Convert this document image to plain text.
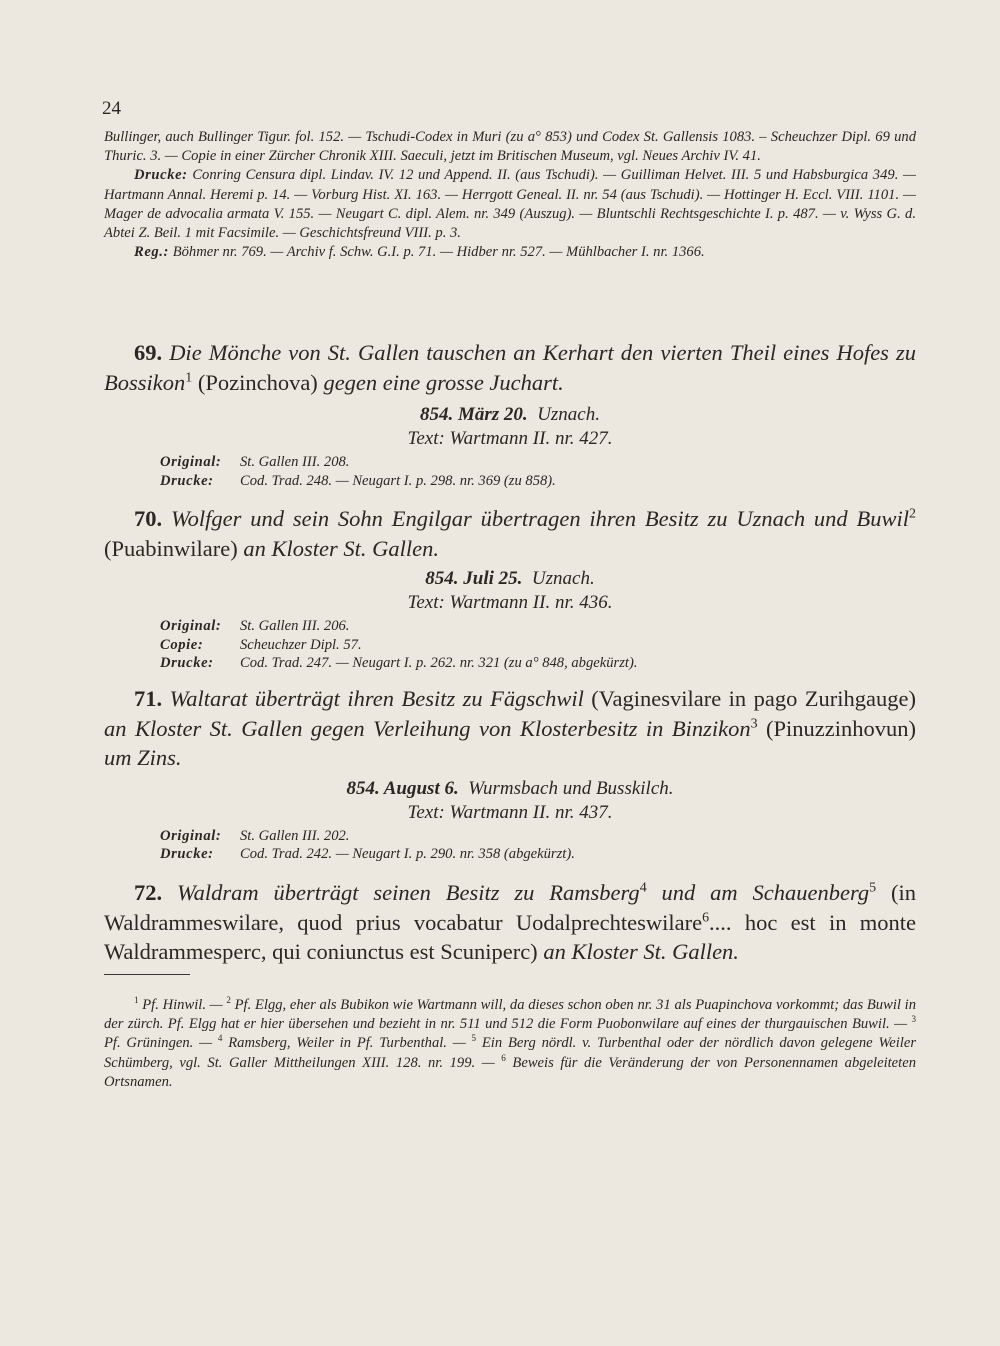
24

Bullinger, auch Bullinger Tigur. fol. 152. — Tschudi-Codex in Muri (zu a° 853) und Codex St. Gallensis 1083. – Scheuchzer Dipl. 69 und Thuric. 3. — Copie in einer Zürcher Chronik XIII. Saeculi, jetzt im Britischen Museum, vgl. Neues Archiv IV. 41.

Drucke: Conring Censura dipl. Lindav. IV. 12 und Append. II. (aus Tschudi). — Guilliman Helvet. III. 5 und Habsburgica 349. — Hartmann Annal. Heremi p. 14. — Vorburg Hist. XI. 163. — Herrgott Geneal. II. nr. 54 (aus Tschudi). — Hottinger H. Eccl. VIII. 1101. — Mager de advocalia armata V. 155. — Neugart C. dipl. Alem. nr. 349 (Auszug). — Bluntschli Rechtsgeschichte I. p. 487. — v. Wyss G. d. Abtei Z. Beil. 1 mit Facsimile. — Geschichtsfreund VIII. p. 3.

Reg.: Böhmer nr. 769. — Archiv f. Schw. G.I. p. 71. — Hidber nr. 527. — Mühlbacher I. nr. 1366.

69. Die Mönche von St. Gallen tauschen an Kerhart den vierten Theil eines Hofes zu Bossikon$^1$ (Pozinchova) gegen eine grosse Juchart.

854. März 20. Uznach.
Text: Wartmann II. nr. 427.
Original: St. Gallen III. 208.
Drucke: Cod. Trad. 248. — Neugart I. p. 298. nr. 369 (zu 858).

70. Wolfger und sein Sohn Engilgar übertragen ihren Besitz zu Uznach und Buwil$^2$ (Puabinwilare) an Kloster St. Gallen.

854. Juli 25. Uznach.
Text: Wartmann II. nr. 436.
Original: St. Gallen III. 206.
Copie:	Scheuchzer Dipl. 57.
Drucke: Cod. Trad. 247. — Neugart I. p. 262. nr. 321 (zu a° 848, abgekürzt).

71. Waltarat überträgt ihren Besitz zu Fägschwil (Vaginesvilare in pago Zurihgauge) an Kloster St. Gallen gegen Verleihung von Klosterbesitz in Binzikon$^3$ (Pinuzzinhovun) um Zins.

854. August 6. Wurmsbach und Busskilch.
Text: Wartmann II. nr. 437.
Original: St. Gallen III. 202.
Drucke: Cod. Trad. 242. — Neugart I. p. 290. nr. 358 (abgekürzt).

72. Waldram überträgt seinen Besitz zu Ramsberg$^4$ und am Schauenberg$^5$ (in Waldrammeswilare, quod prius vocabatur Uodalprechteswilare$^6$.... hoc est in monte Waldrammesperc, qui coniunctus est Scuniperc) an Kloster St. Gallen.

$^1$ Pf. Hinwil. — $^2$ Pf. Elgg, eher als Bubikon wie Wartmann will, da dieses schon oben nr. 31 als Puapinchova vorkommt; das Buwil in der zürch. Pf. Elgg hat er hier übersehen und bezieht in nr. 511 und 512 die Form Puobonwilare auf eines der thurgauischen Buwil. — $^3$ Pf. Grüningen. — $^4$ Ramsberg, Weiler in Pf. Turbenthal. — $^5$ Ein Berg nördl. v. Turbenthal oder der nördlich davon gelegene Weiler Schümberg, vgl. St. Galler Mittheilungen XIII. 128. nr. 199. — $^6$ Beweis für die Veränderung der von Personennamen abgeleiteten Ortsnamen.
